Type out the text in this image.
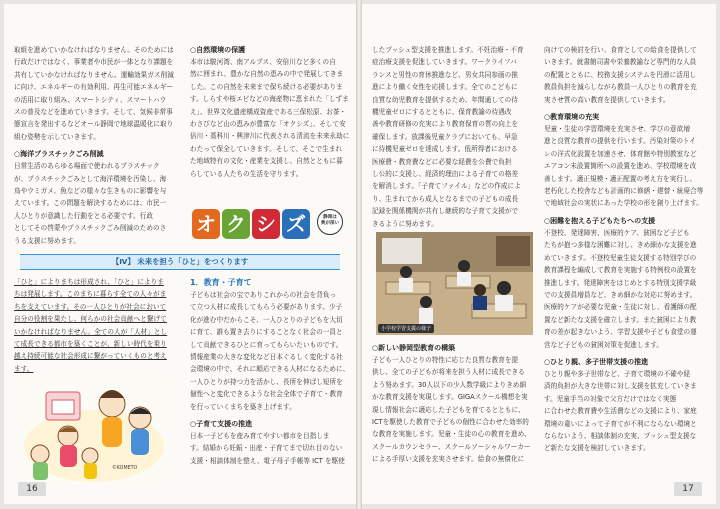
取組を進めていかなければなりません。そのためには
行政だけではなく、事業者や市民が一体となり課題を
共有していかなければなりません。運輸効果ガス削減
に向け、エネルギーの有効利用、再生可能エネルギー
の活用に取り組み、スマートシティ、スマートハウ
スの普及などを進めていきます。そして、気候非常事
態宣言を発出するなどオール静岡で地球温暖化に取り
組む姿勢を示していきます。
○海洋プラスチックごみ削減
日常生活のあらゆる場面で使われるプラスチック
が、プラスチックごみとして海洋環境を汚染し、海
鳥やウミガメ、魚などの様々な生きものに影響を与
えています。この問題を解決するためには、市民一
人ひとりが意識した行動をとる必要です。行政
としてその啓蒙やプラスチックごみ削減のためのさ
うる支援に努めます。
○自然環境の保護
本市は駿河湾、南アルプス、安倍川など多くの自
然に囲まれ、豊かな自然の恵みの中で発展してきま
した。この自然を未来まで保ち続ける必要がありま
す。しらすや桜エビなどの海産物に恵まれた「しずま
え」、世界文化遺産構成資産である三保松原、お茶・
わさびなど山の恵みが豊富な「オクシズ」、そして安
倍川・藁科川・興津川に代表される清流を未来永劫に
わたって保全していきます。そして、そこで生まれ
た地域特有の文化・産業を支援し、自然とともに暮
らしている人たちの生活を守ります。
オ ク シ ズ	静岡は
奥が深い
【Ⅳ】 未来を担う「ひと」をつくります
「ひと」によりまちは形成され、「ひと」によりま
ちは発展します。このまちに暮らす全ての人々がま
ちを支えています。その一人ひとりが社会において
自分の役割を果たし、何らかの社会貢献へと繋げて
いかなければなりません。全ての人が「人材」とし
て成長できる都市を築くことが、新しい時代を乗り
越え持続可能な社会形成に繋がっていくものと考え
ます。
©KOMETO
1．教育・子育て
子どもは社会の宝でありこれからの社会を背負っ
て立つ人材に成長してもらう必要があります。少子
化が進む中だからこそ、一人ひとりの子どもを大切
に育て、誰も置き去りにすることなく社会の一員と
して貢献できるひとに育ってもらいたいものです。
情報産業の大きな変化など日本ぐるしく変化する社
会環境の中で、それに順応できる人材になるために、
一人ひとりが持つ力を活かし、長所を伸ばし短所を
個性へと変化できるような社会全体で子育て・教育
を行っていくまちを築き上げます。
○子育て支援の推進
日本一子どもを産み育てやすい都市を目指しま
す。結婚から妊娠・出産・子育てまで切れ目のない
支援・相談体制を整え、電子母子手帳等 ICT を駆使
16
したプッシュ型支援を推進します。不妊治療・不育
症治療支援を促進していきます。ワークライフバ
ランスと男性の育休推進など、男女共同参画の推
進により働く女性を応援します。全てのこどもに
良質な幼児教育を提供するため、年間通しての待
機児童ゼロにするとともに、保育教諭の待遇改
善や教育研修の充実により教育保育の質の向上を
確保します。放課後児童クラブにおいても、早急
に待機児童ゼロを達成します。低所得者における
医療費・教育費などに必要な経費を公費で負担
し公的に支援し、経済的理由による子育ての格差
を解消します。「子育てファイル」などの作成によ
り、生まれてから成人となるまでの子どもの成長
記録を関係機関が共有し継続的な子育て支援がで
きるように努めます。
小学校学習支援の様子
○新しい静岡型教育の構築
子ども一人ひとりの特性に応じた良質な教育を提
供し、全ての子どもが将来を担う人材に成長できる
よう努めます。30人以下の少人数学級によりきめ細
かな教育支援を実現します。GIGAスクール構想を実
現し情報社会に適応した子どもを育てるとともに、
ICTを駆使した教育で子どもの個性に合わせた効率的
な教育を実施します。児童・生徒の心の教育を進め、
スクールカウンセラー、スクールソーシャルワーカー
による手厚い支援を充実させます。給食の無償化に
向けての検討を行い、食育としての給食を提供して
いきます。就書館司書や栄養教諭など専門的な人員
の配置とともに、校務支援システムを円滑に活用し
教員負担を減らしながら教員一人ひとりの教育を充
実させ質の高い教育を提供していきます。
○教育環境の充実
児童・生徒の学習環境を充実させ、学びの意欲増
進と良質な教育の提供を行います。汚染対策のトイ
レの洋式化設置を加速させ、体育館や特別教室など
エアコン未設置箇所への設置を進め、学校環境を改
善します。適正規模・適正配置の考え方を実行し、
老朽化した校舎なども計画的に修繕・建替・統廃合等
で地域社会の実状にあった学校の形を創り上げます。
○困難を抱える子どもたちへの支援
不登校、発達障害、医療的ケア、貧困など子ども
たちが抱つ多様な困難に対し、きめ細かな支援を進
めていきます。不登校児童生徒支援する特別学びの
教育課程を編成して教育を実施する特例校の設置を
推進します。発達障害をはじめとする特別支援学級
での支援員増員など、きめ細かな対応に努めます。
医療的ケアが必要な児童・生徒に対し、看護師の配
置など新たな支援を確立します。また貧困により教
育の差が起きないよう、学習支援や子ども食堂の運
営など子どもの貧困対策を促進します。
○ひとり親、多子世帯支援の推進
ひとり親や多子世帯など、子育て環境の不確や経
済的負担が大きな世帯に対し支援を拡充していきま
す。児童手当の対象で父方だけではなく実態
に合わせた教育費や生活費などの支援により、家庭
環境の違いによって子育てが不利にならない環境と
ならないよう、相談体制の充実、プッシュ型支援な
ど新たな支援を検討していきます。
17
